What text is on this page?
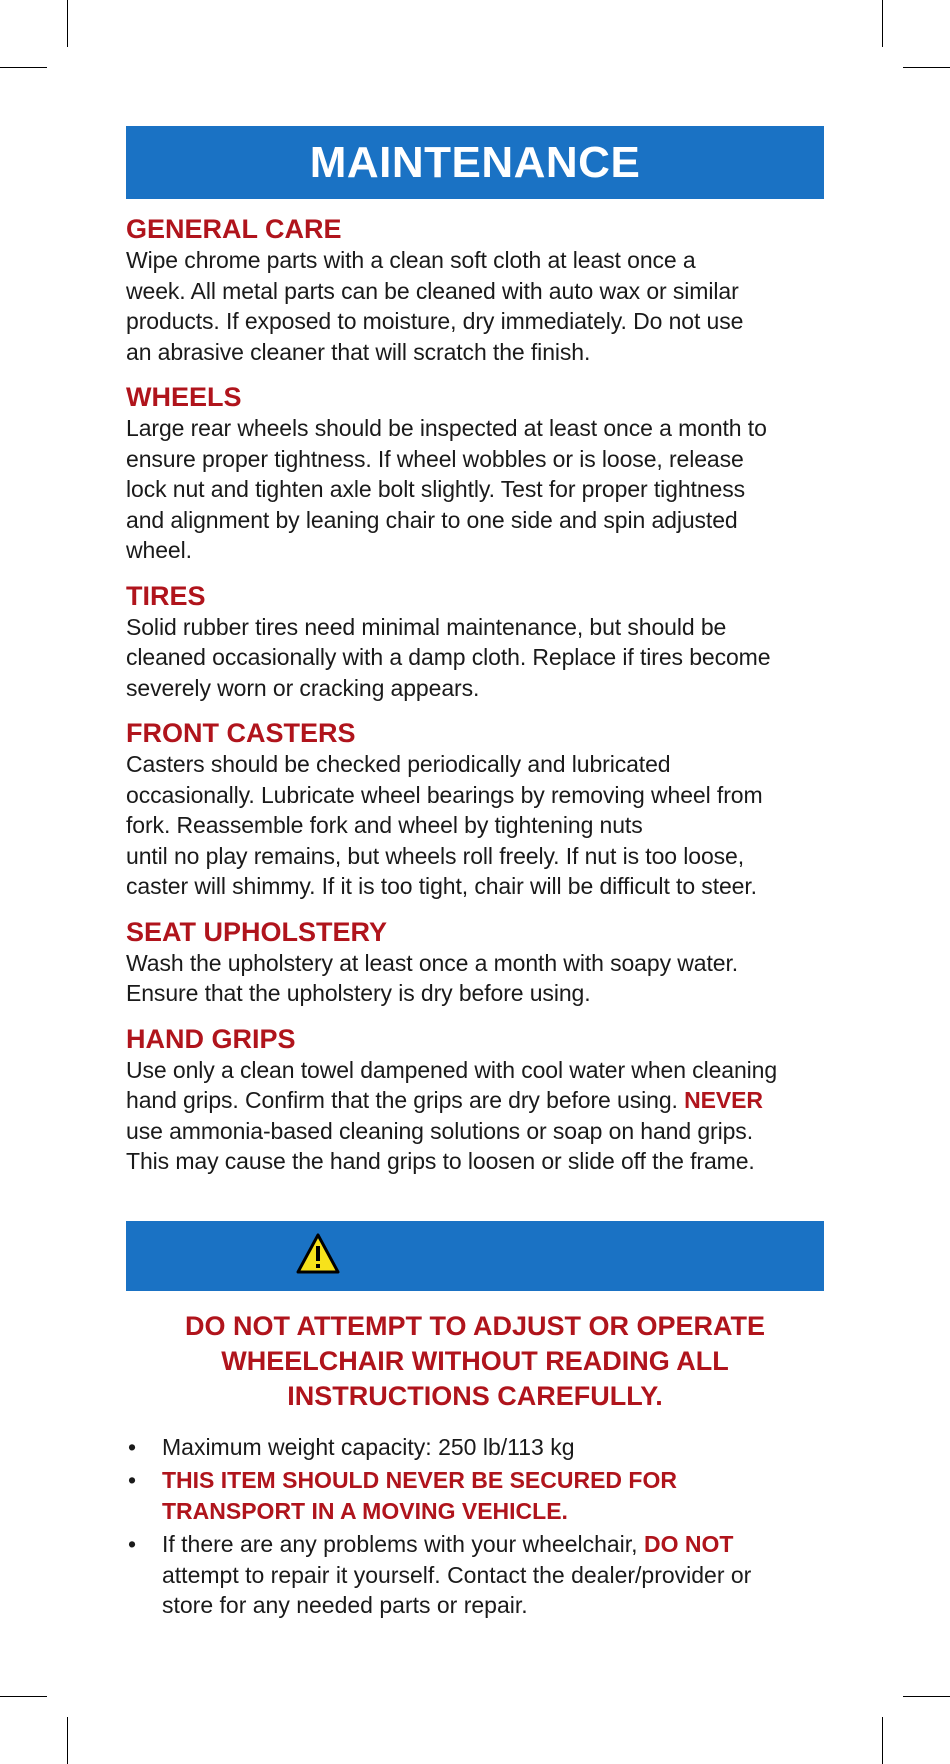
MAINTENANCE
GENERAL CARE

Wipe chrome parts with a clean soft cloth at least once a
week. All metal parts can be cleaned with auto wax or similar
products. If exposed to moisture, dry immediately. Do not use
an abrasive cleaner that will scratch the finish.

WHEELS

Large rear wheels should be inspected at least once a month to
ensure proper tightness. If wheel wobbles or is loose, release
lock nut and tighten axle bolt slightly. Test for proper tightness
and alignment by leaning chair to one side and spin adjusted
wheel.

TIRES

Solid rubber tires need minimal maintenance, but should be
cleaned occasionally with a damp cloth. Replace if tires become
severely worn or cracking appears.

FRONT CASTERS

Casters should be checked periodically and lubricated
occasionally. Lubricate wheel bearings by removing wheel from
fork. Reassemble fork and wheel by tightening nuts
until no play remains, but wheels roll freely. If nut is too loose,
caster will shimmy. If it is too tight, chair will be difficult to steer.

SEAT UPHOLSTERY

Wash the upholstery at least once a month with soapy water.
Ensure that the upholstery is dry before using.

HAND GRIPS

Use only a clean towel dampened with cool water when cleaning
hand grips. Confirm that the grips are dry before using. NEVER
use ammonia-based cleaning solutions or soap on hand grips.
This may cause the hand grips to loosen or slide off the frame.

DO NOT ATTEMPT TO ADJUST OR OPERATE
WHEELCHAIR WITHOUT READING ALL
INSTRUCTIONS CAREFULLY.

• Maximum weight capacity: 250 lb/113 kg
• THIS ITEM SHOULD NEVER BE SECURED FOR
TRANSPORT IN A MOVING VEHICLE.
• If there are any problems with your wheelchair, DO NOT
attempt to repair it yourself. Contact the dealer/provider or
store for any needed parts or repair.
